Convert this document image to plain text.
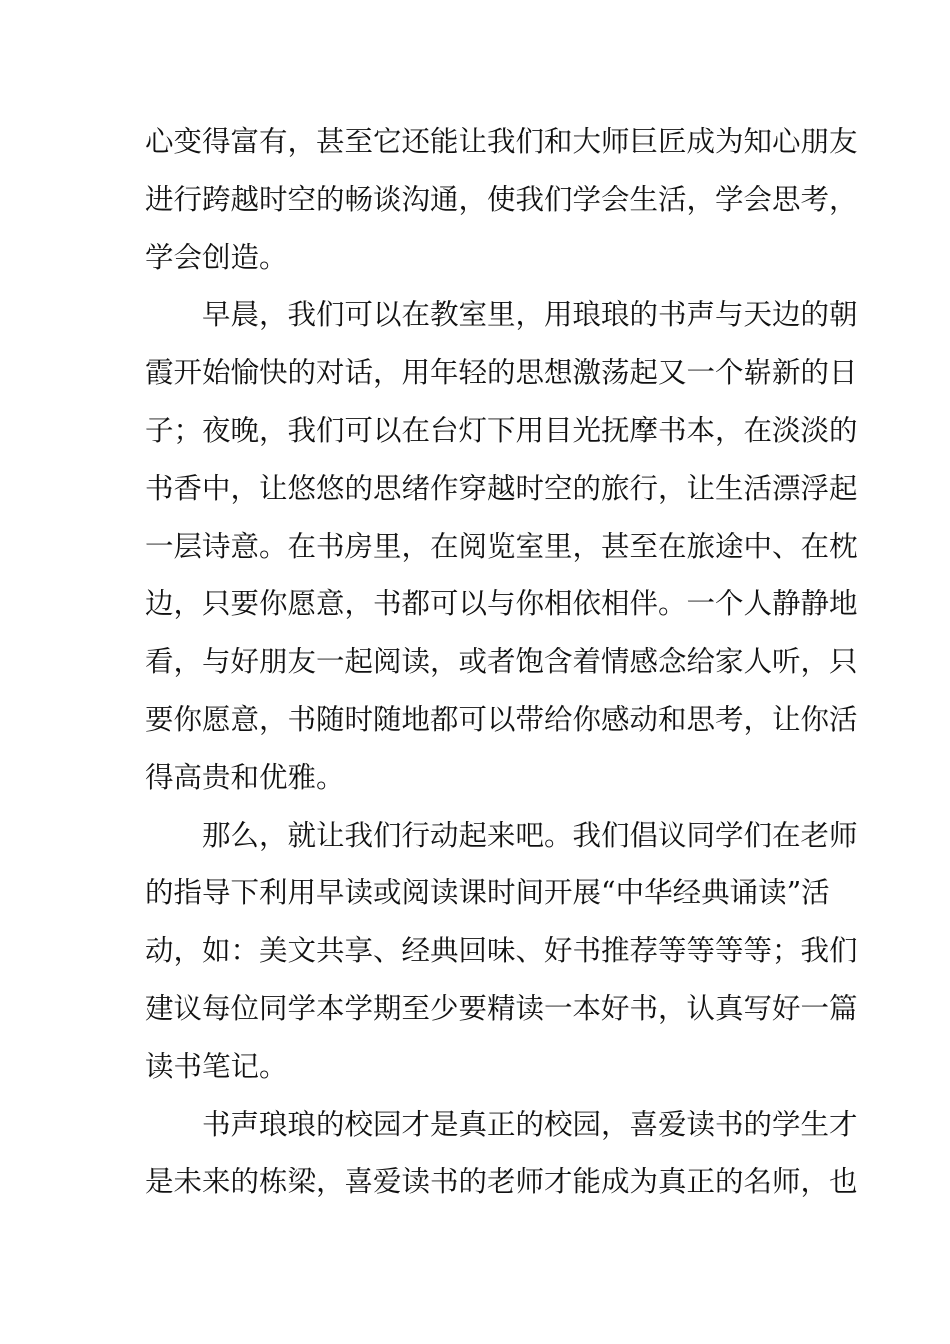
心变得富有，甚至它还能让我们和大师巨匠成为知心朋友
进行跨越时空的畅谈沟通，使我们学会生活，学会思考，
学会创造。
　　早晨，我们可以在教室里，用琅琅的书声与天边的朝
霞开始愉快的对话，用年轻的思想激荡起又一个崭新的日
子；夜晚，我们可以在台灯下用目光抚摩书本，在淡淡的
书香中，让悠悠的思绪作穿越时空的旅行，让生活漂浮起
一层诗意。在书房里，在阅览室里，甚至在旅途中、在枕
边，只要你愿意，书都可以与你相依相伴。一个人静静地
看，与好朋友一起阅读，或者饱含着情感念给家人听，只
要你愿意，书随时随地都可以带给你感动和思考，让你活
得高贵和优雅。
　　那么，就让我们行动起来吧。我们倡议同学们在老师
的指导下利用早读或阅读课时间开展“中华经典诵读”活
动，如：美文共享、经典回味、好书推荐等等等等；我们
建议每位同学本学期至少要精读一本好书，认真写好一篇
读书笔记。
　　书声琅琅的校园才是真正的校园，喜爱读书的学生才
是未来的栋梁，喜爱读书的老师才能成为真正的名师，也
